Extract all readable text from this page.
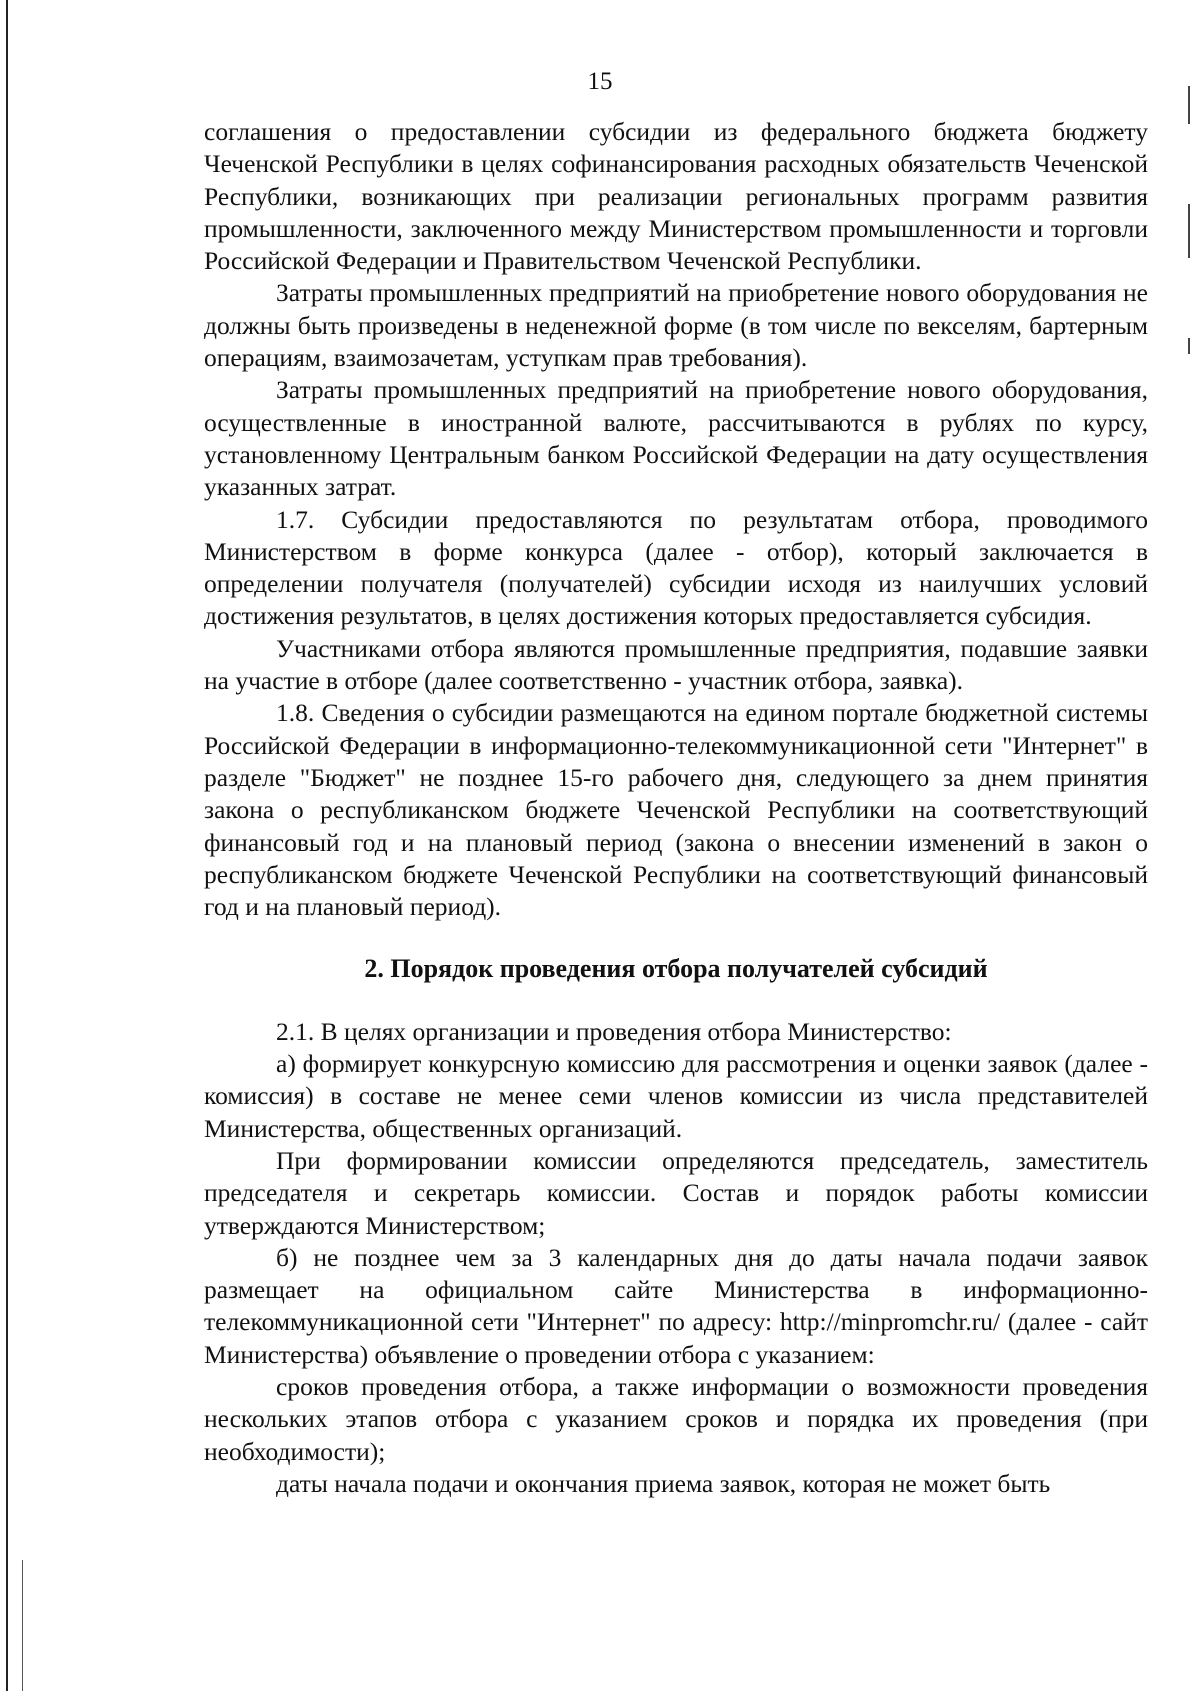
15

соглашения о предоставлении субсидии из федерального бюджета бюджету Чеченской Республики в целях софинансирования расходных обязательств Чеченской Республики, возникающих при реализации региональных программ развития промышленности, заключенного между Министерством промышленности и торговли Российской Федерации и Правительством Чеченской Республики.

Затраты промышленных предприятий на приобретение нового оборудования не должны быть произведены в неденежной форме (в том числе по векселям, бартерным операциям, взаимозачетам, уступкам прав требования).

Затраты промышленных предприятий на приобретение нового оборудования, осуществленные в иностранной валюте, рассчитываются в рублях по курсу, установленному Центральным банком Российской Федерации на дату осуществления указанных затрат.

1.7. Субсидии предоставляются по результатам отбора, проводимого Министерством в форме конкурса (далее - отбор), который заключается в определении получателя (получателей) субсидии исходя из наилучших условий достижения результатов, в целях достижения которых предоставляется субсидия.

Участниками отбора являются промышленные предприятия, подавшие заявки на участие в отборе (далее соответственно - участник отбора, заявка).

1.8. Сведения о субсидии размещаются на едином портале бюджетной системы Российской Федерации в информационно-телекоммуникационной сети "Интернет" в разделе "Бюджет" не позднее 15-го рабочего дня, следующего за днем принятия закона о республиканском бюджете Чеченской Республики на соответствующий финансовый год и на плановый период (закона о внесении изменений в закон о республиканском бюджете Чеченской Республики на соответствующий финансовый год и на плановый период).

2. Порядок проведения отбора получателей субсидий

2.1. В целях организации и проведения отбора Министерство:

а) формирует конкурсную комиссию для рассмотрения и оценки заявок (далее - комиссия) в составе не менее семи членов комиссии из числа представителей Министерства, общественных организаций.

При формировании комиссии определяются председатель, заместитель председателя и секретарь комиссии. Состав и порядок работы комиссии утверждаются Министерством;

б) не позднее чем за 3 календарных дня до даты начала подачи заявок размещает на официальном сайте Министерства в информационно-телекоммуникационной сети "Интернет" по адресу: http://minpromchr.ru/ (далее - сайт Министерства) объявление о проведении отбора с указанием:

сроков проведения отбора, а также информации о возможности проведения нескольких этапов отбора с указанием сроков и порядка их проведения (при необходимости);

даты начала подачи и окончания приема заявок, которая не может быть
